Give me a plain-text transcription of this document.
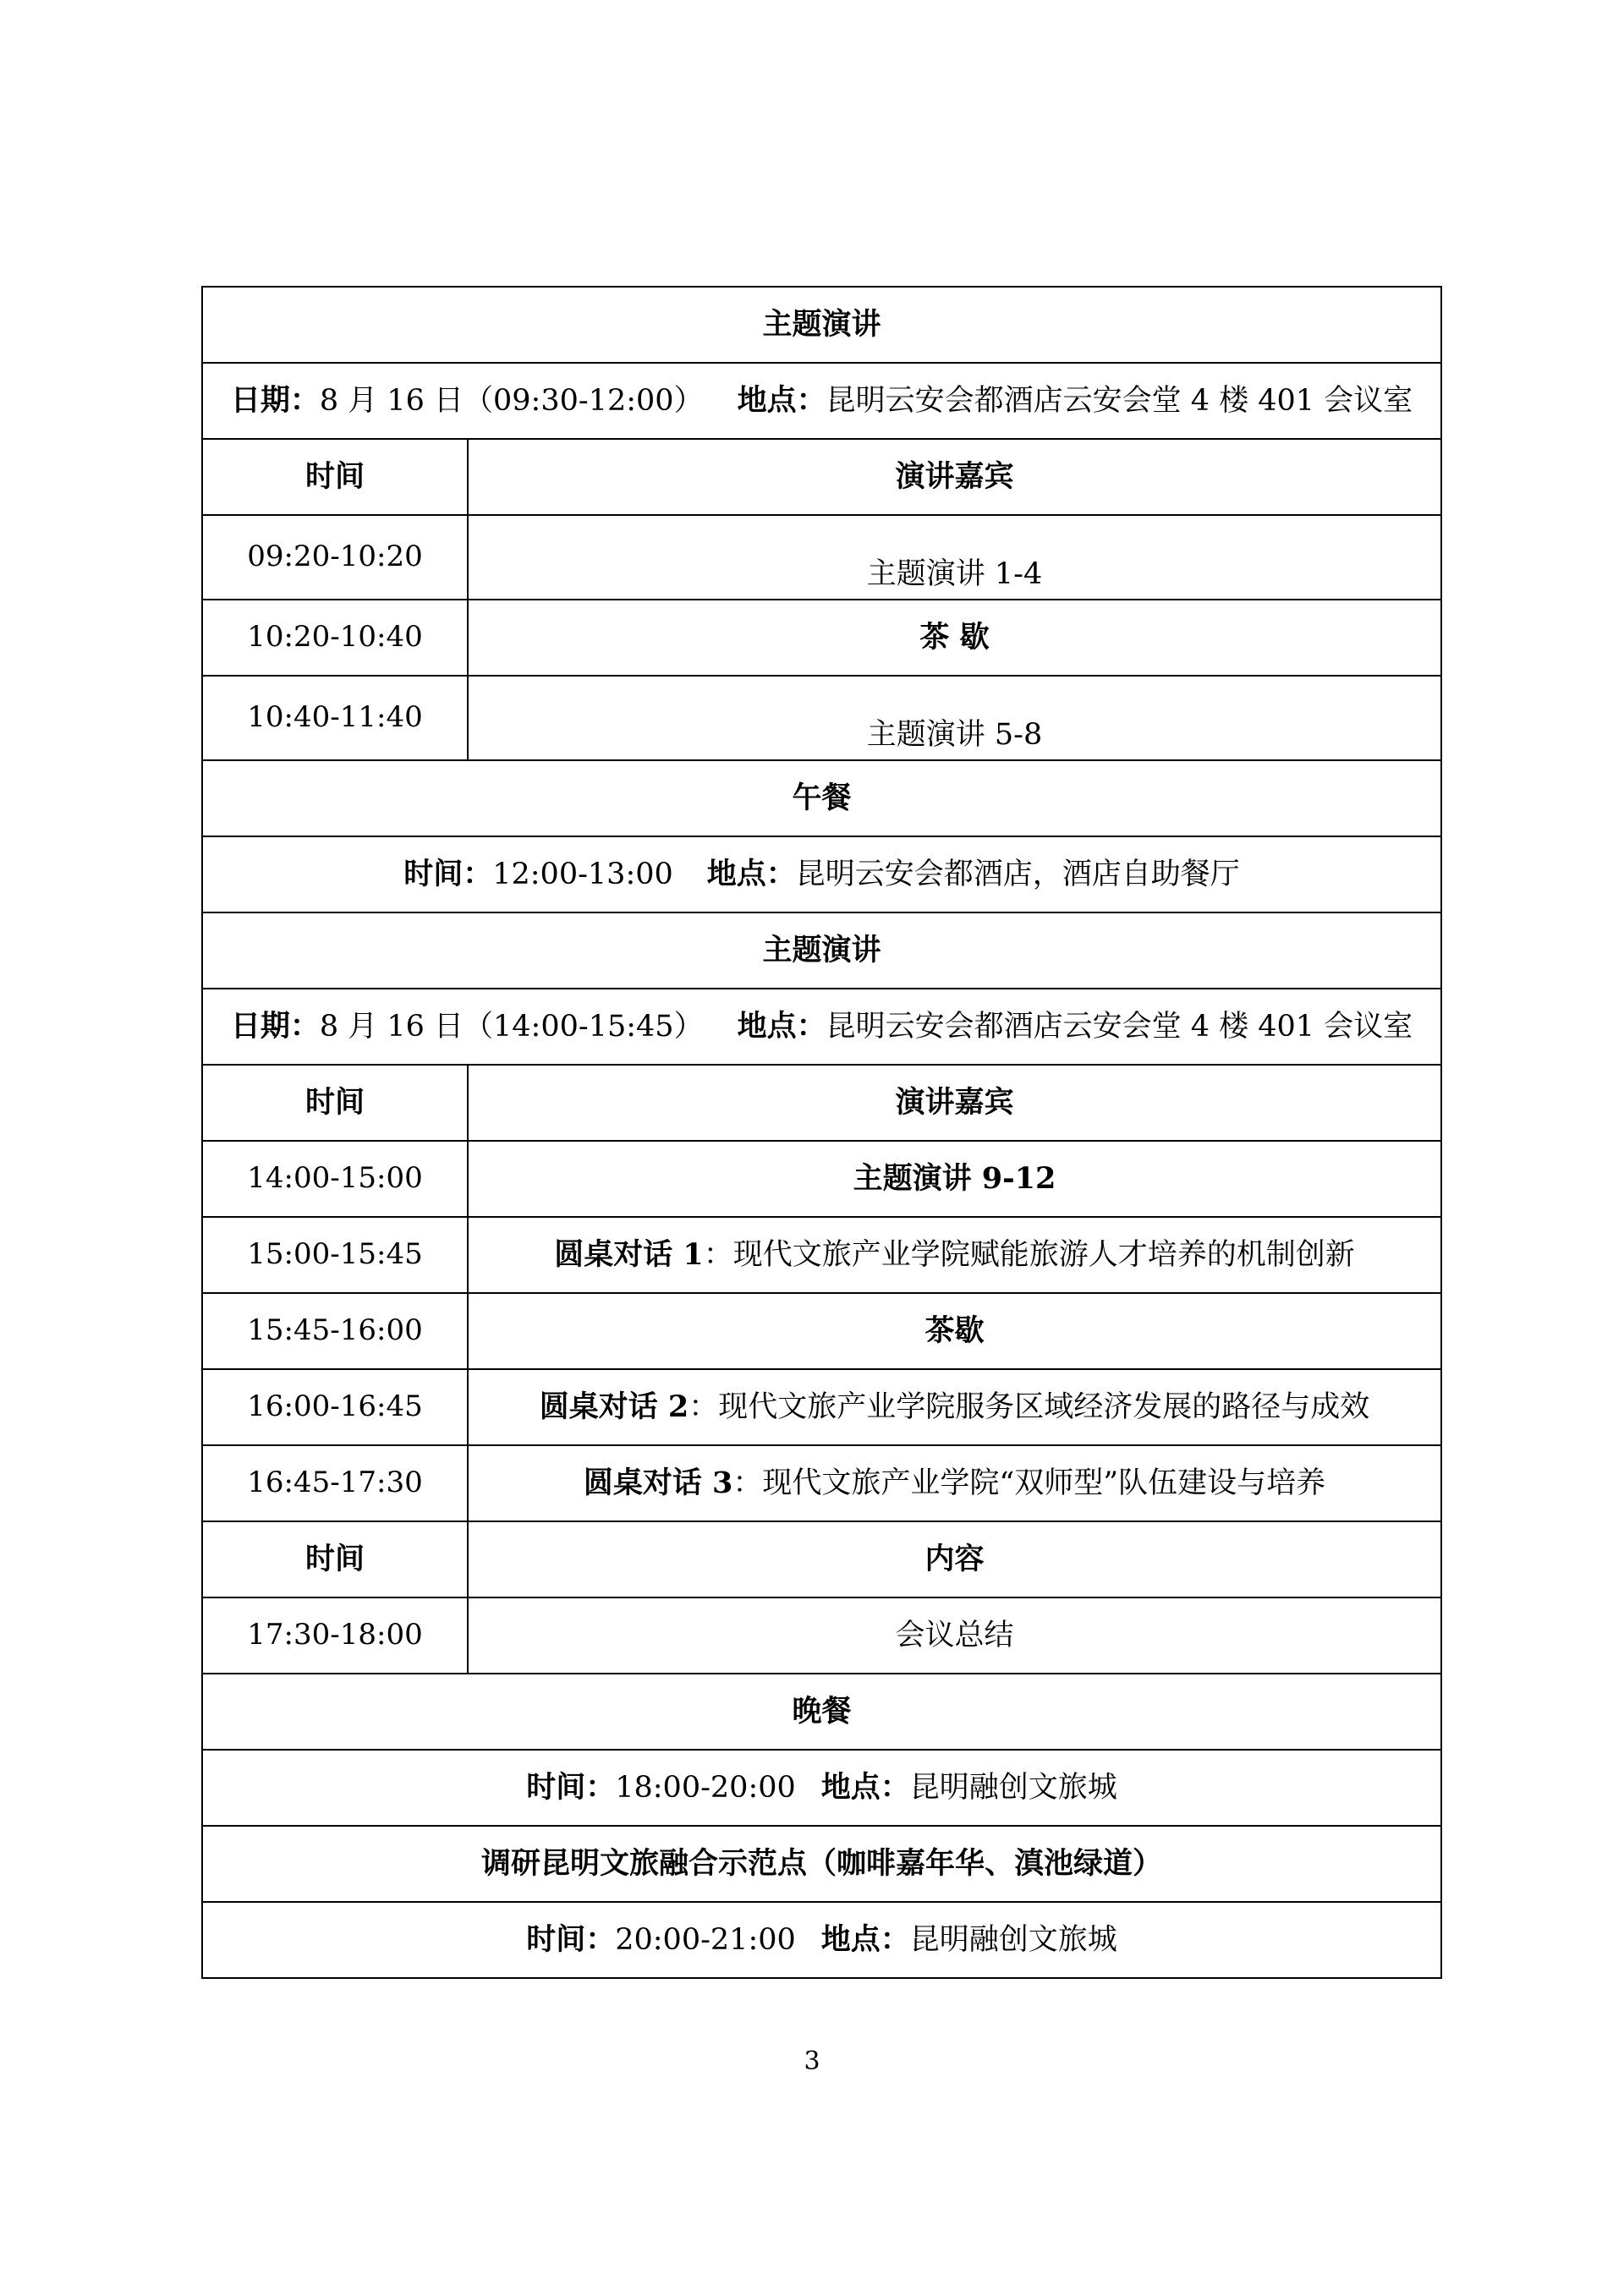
主题演讲	
日期：8 月 16 日（09:30-12:00） 地点：昆明云安会都酒店云安会堂 4 楼 401 会议室	
时间	演讲嘉宾
09:20-10:20	主题演讲 1-4
10:20-10:40	茶 歇
10:40-11:40	主题演讲 5-8
午餐	
时间：12:00-13:00 地点：昆明云安会都酒店，酒店自助餐厅	
主题演讲	
日期：8 月 16 日（14:00-15:45） 地点：昆明云安会都酒店云安会堂 4 楼 401 会议室	
时间	演讲嘉宾
14:00-15:00	主题演讲 9-12
15:00-15:45	圆桌对话 1：现代文旅产业学院赋能旅游人才培养的机制创新
15:45-16:00	茶歇
16:00-16:45	圆桌对话 2：现代文旅产业学院服务区域经济发展的路径与成效
16:45-17:30	圆桌对话 3：现代文旅产业学院“双师型”队伍建设与培养
时间	内容
17:30-18:00	会议总结
晚餐	
时间：18:00-20:00 地点：昆明融创文旅城	
调研昆明文旅融合示范点（咖啡嘉年华、滇池绿道）	
时间：20:00-21:00 地点：昆明融创文旅城	
3
